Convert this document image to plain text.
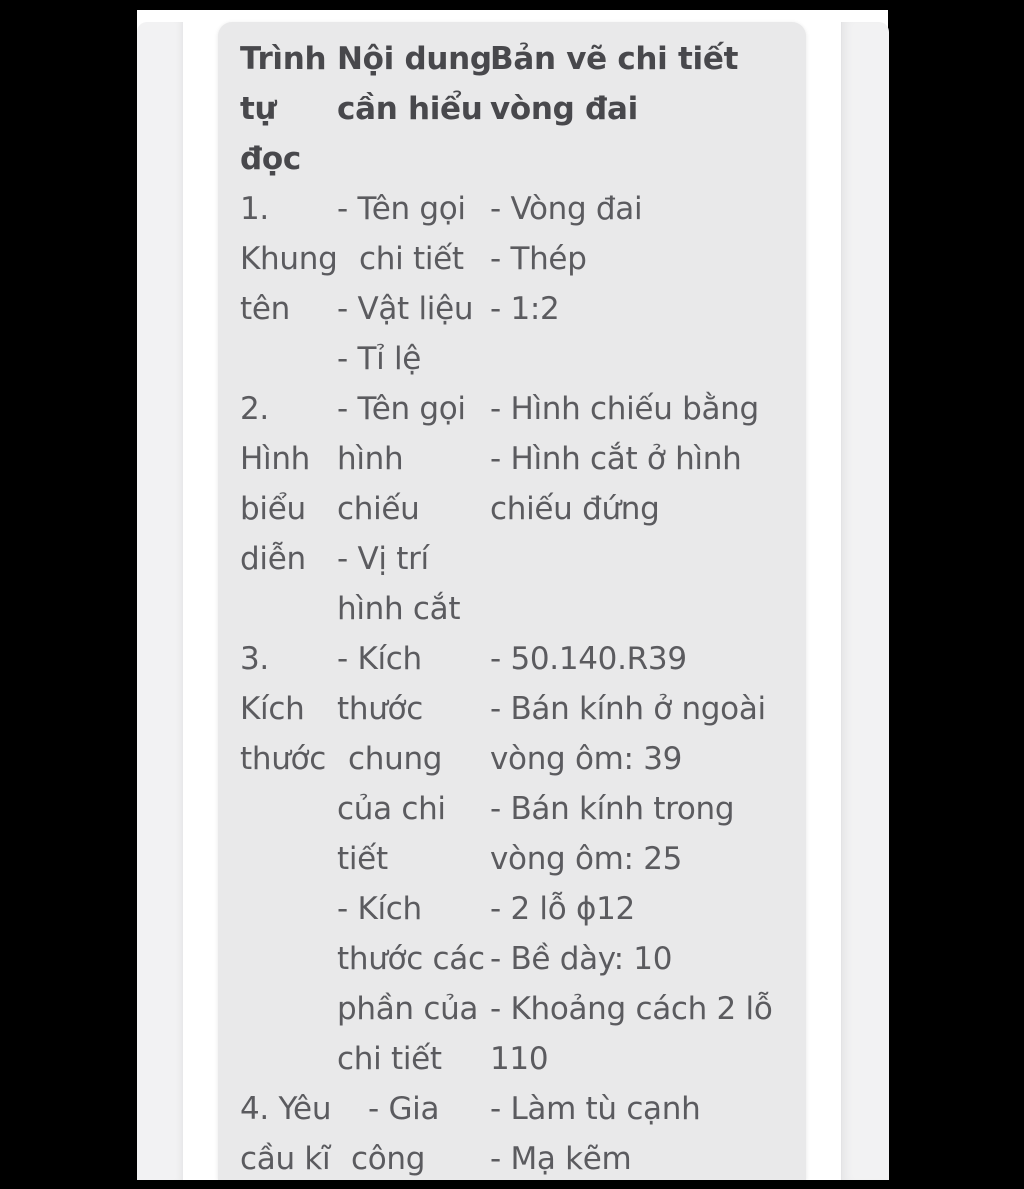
Trình Nội dung
Bản vẽ chi tiết
tự cần hiểu vòng đai
đọc
1. - Tên gọi - Vòng đai
Khung chi tiết - Thép
tên - Vật liệu - 1:2
- Tỉ lệ
2. - Tên gọi - Hình chiếu bằng
Hình hình	- Hình cắt ở hình
biểu chiếu chiếu đứng
diễn - Vị trí
hình cắt
3. - Kích - 50.140.R39
Kích thước - Bán kính ở ngoài
thước chung vòng ôm: 39
của chi - Bán kính trong
tiết	vòng ôm: 25
- Kích - 2 lỗ ϕ12
thước các - Bề dày: 10
phần của - Khoảng cách 2 lỗ
chi tiết 110
4. Yêu - Gia - Làm tù cạnh
cầu kĩ công - Mạ kẽm
